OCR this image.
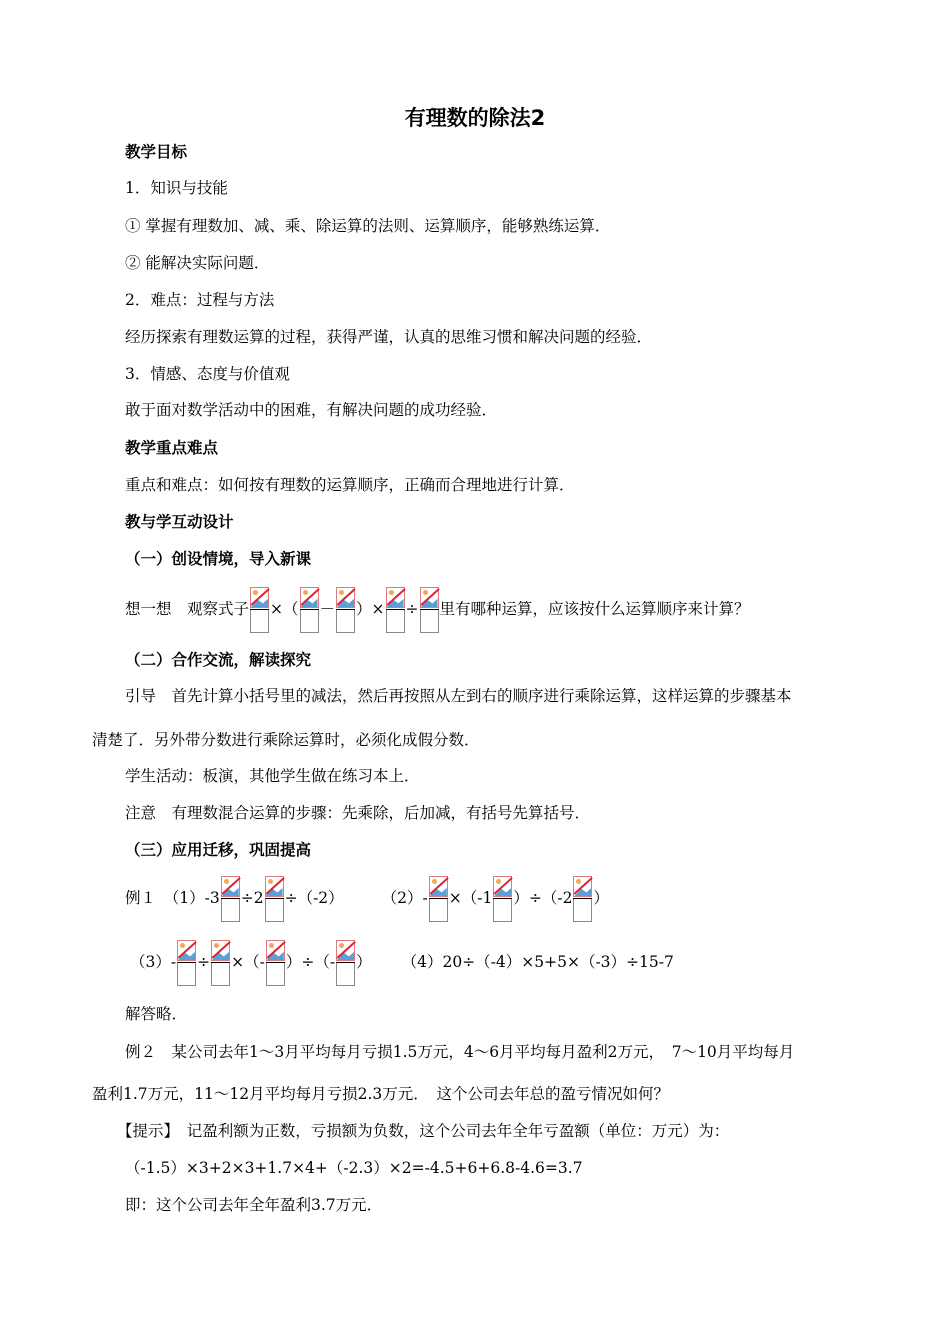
有理数的除法2
教学目标
1．知识与技能
① 掌握有理数加、减、乘、除运算的法则、运算顺序，能够熟练运算．
② 能解决实际问题．
2．难点：过程与方法
经历探索有理数运算的过程，获得严谨，认真的思维习惯和解决问题的经验．
3．情感、态度与价值观
敢于面对数学活动中的困难，有解决问题的成功经验．
教学重点难点
重点和难点：如何按有理数的运算顺序，正确而合理地进行计算．
教与学互动设计
（一）创设情境，导入新课
想一想　观察式子 ×（ － ）× ÷ 里有哪种运算，应该按什么运算顺序来计算？
（二）合作交流，解读探究
引导　首先计算小括号里的减法，然后再按照从左到右的顺序进行乘除运算，这样运算的步骤基本
清楚了．另外带分数进行乘除运算时，必须化成假分数．
学生活动：板演，其他学生做在练习本上．
注意　有理数混合运算的步骤：先乘除，后加减，有括号先算括号．
（三）应用迁移，巩固提高
例１　（1）-3 ÷2 ÷（-2） （2）- ×（-1 ）÷（-2 ）
（3）- ÷ ×（- ）÷（- ） （4）20÷（-4）×5+5×（-3）÷15-7
解答略．
例２　某公司去年1～3月平均每月亏损1.5万元，4～6月平均每月盈利2万元，　7～10月平均每月
盈利1.7万元，11～12月平均每月亏损2.3万元．　这个公司去年总的盈亏情况如何？
【提示】　记盈利额为正数，亏损额为负数，这个公司去年全年亏盈额（单位：万元）为：
（-1.5）×3+2×3+1.7×4+（-2.3）×2=-4.5+6+6.8-4.6=3.7
即：这个公司去年全年盈利3.7万元．
